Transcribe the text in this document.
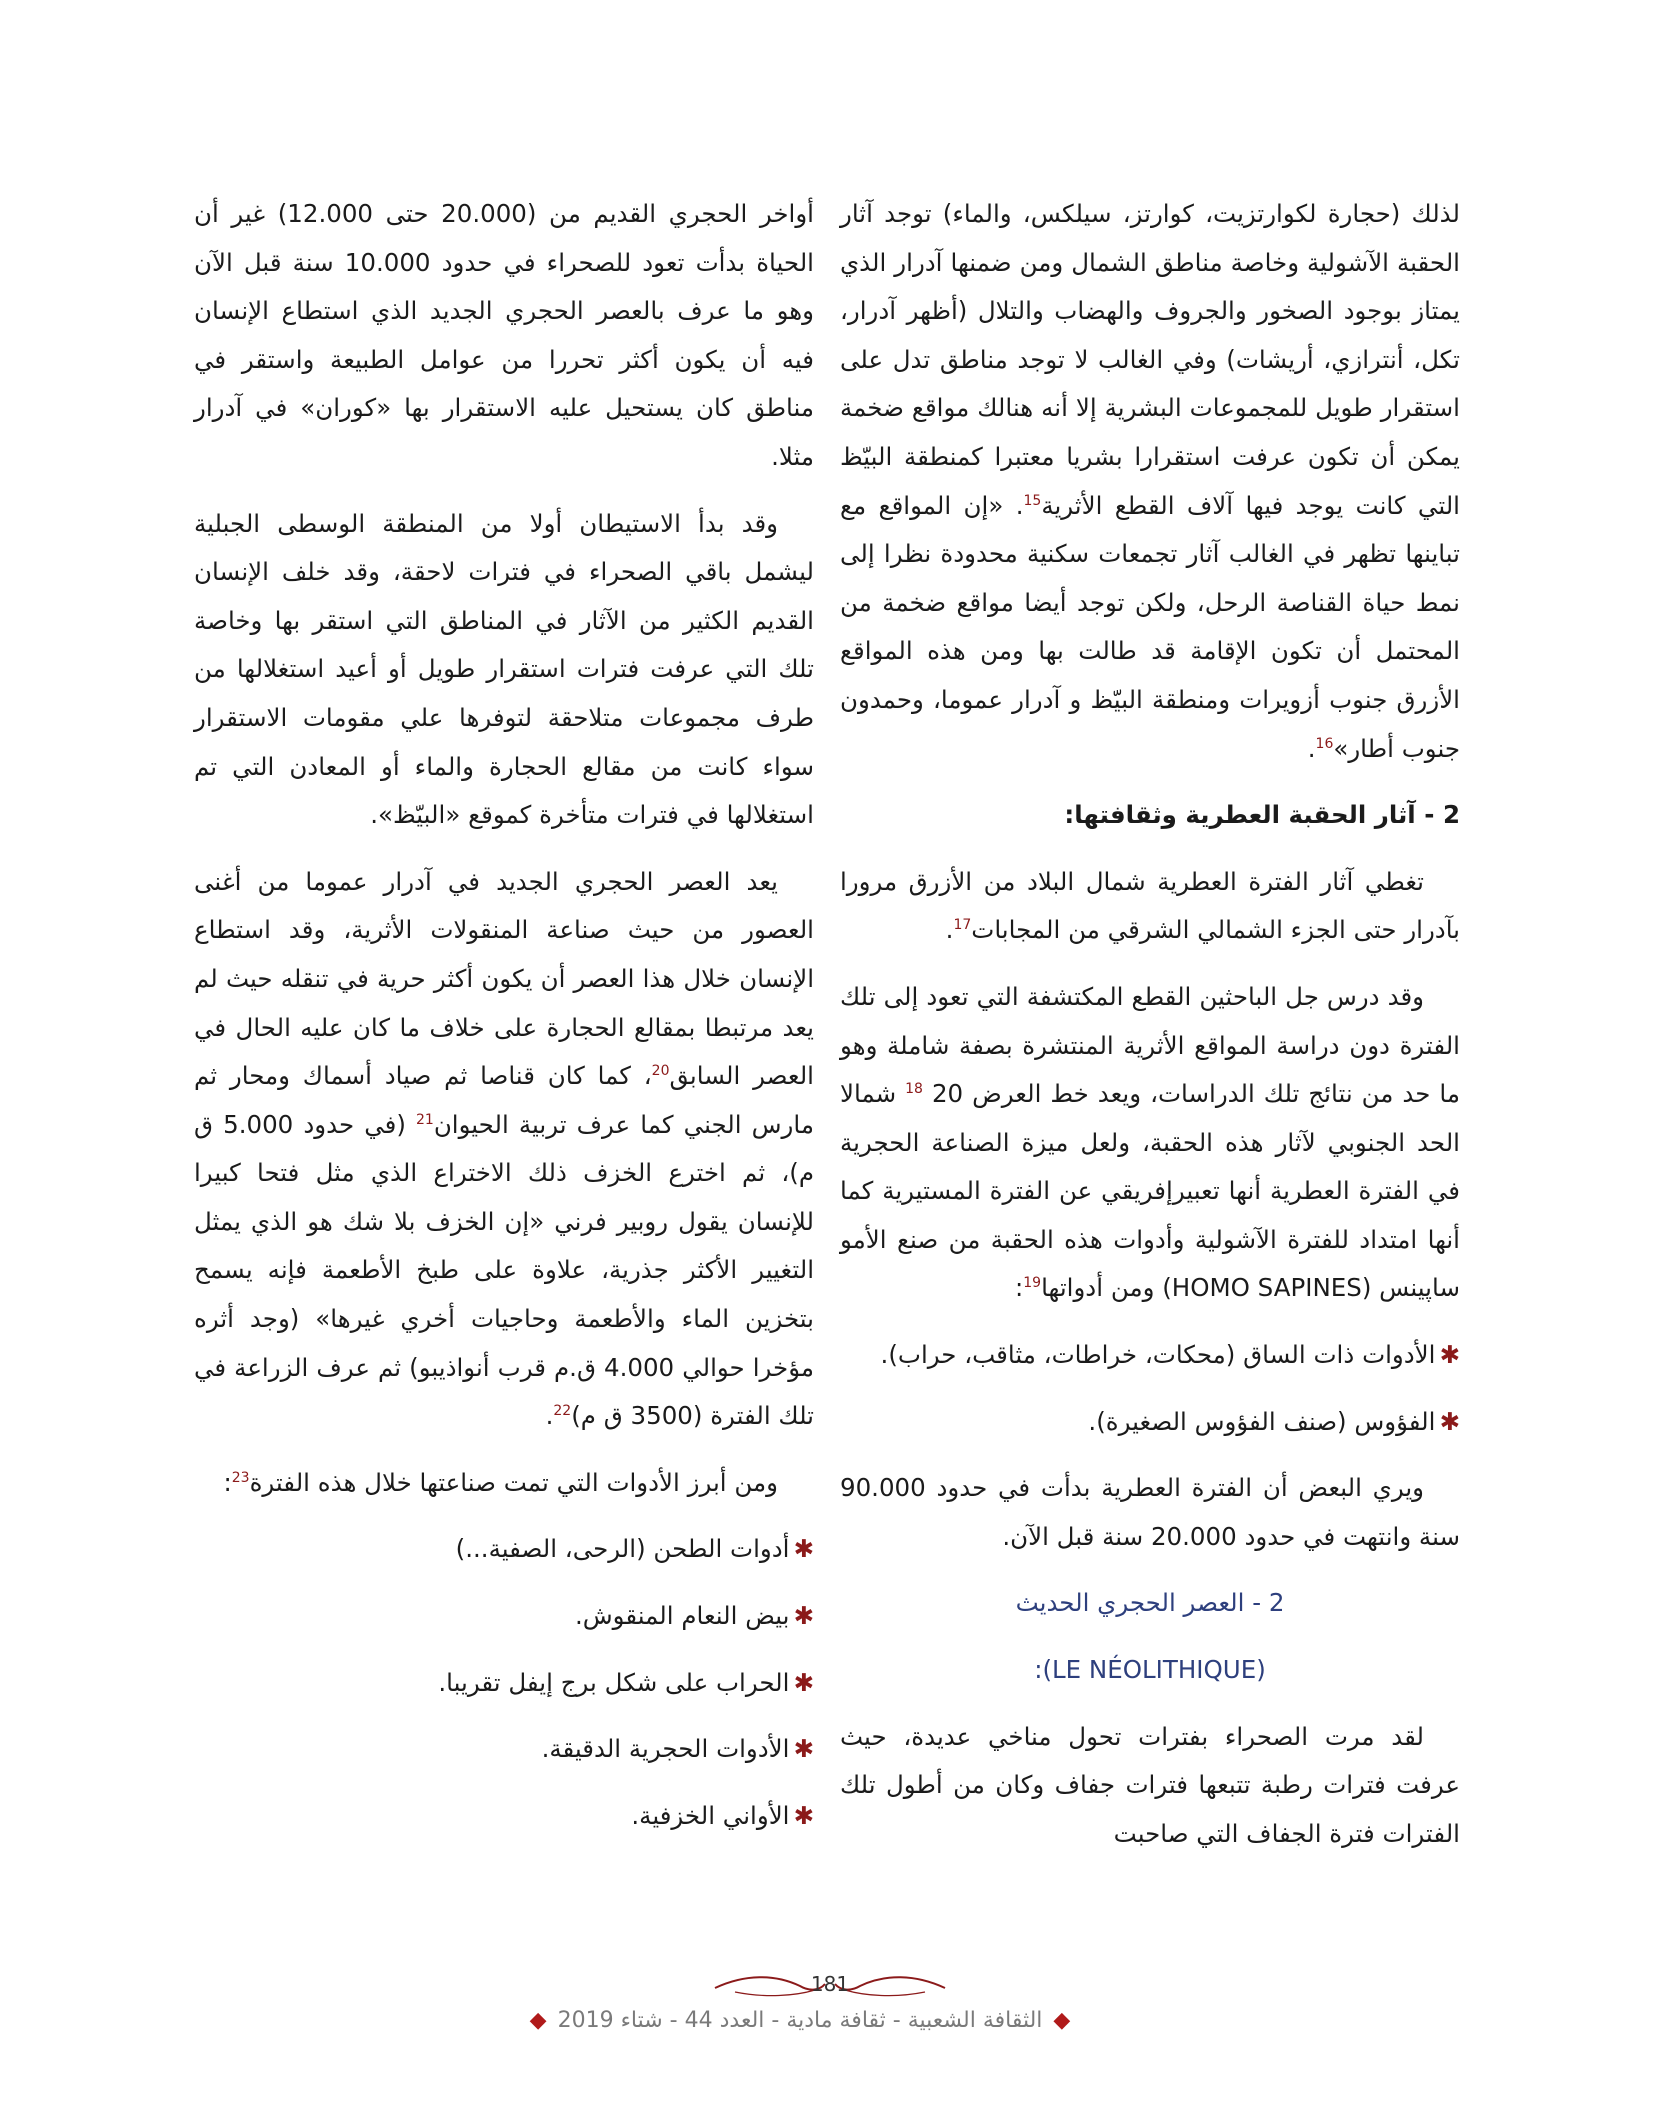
لذلك (حجارة لكوارتزيت، كوارتز، سيلكس، والماء) توجد آثار الحقبة الآشولية وخاصة مناطق الشمال ومن ضمنها آدرار الذي يمتاز بوجود الصخور والجروف والهضاب والتلال (أظهر آدرار، تكل، أنترازي، أريشات) وفي الغالب لا توجد مناطق تدل على استقرار طويل للمجموعات البشرية إلا أنه هنالك مواقع ضخمة يمكن أن تكون عرفت استقرارا بشريا معتبرا كمنطقة البيّظ التي كانت يوجد فيها آلاف القطع الأثرية$^{15}$. «إن المواقع مع تباينها تظهر في الغالب آثار تجمعات سكنية محدودة نظرا إلى نمط حياة القناصة الرحل، ولكن توجد أيضا مواقع ضخمة من المحتمل أن تكون الإقامة قد طالت بها ومن هذه المواقع الأزرق جنوب أزويرات ومنطقة البيّظ و آدرار عموما، وحمدون جنوب أطار»$^{16}$.

2 - آثار الحقبة العطرية وثقافتها:

تغطي آثار الفترة العطرية شمال البلاد من الأزرق مرورا بآدرار حتى الجزء الشمالي الشرقي من المجابات$^{17}$.

وقد درس جل الباحثين القطع المكتشفة التي تعود إلى تلك الفترة دون دراسة المواقع الأثرية المنتشرة بصفة شاملة وهو ما حد من نتائج تلك الدراسات، ويعد خط العرض 20 $^{18}$ شمالا الحد الجنوبي لآثار هذه الحقبة، ولعل ميزة الصناعة الحجرية في الفترة العطرية أنها تعبيرإفريقي عن الفترة المستيرية كما أنها امتداد للفترة الآشولية وأدوات هذه الحقبة من صنع الأمو ساپينس (HOMO SAPINES) ومن أدواتها$^{19}$:

✱الأدوات ذات الساق (محكات، خراطات، مثاقب، حراب).

✱الفؤوس (صنف الفؤوس الصغيرة).

ويري البعض أن الفترة العطرية بدأت في حدود 90.000 سنة وانتهت في حدود 20.000 سنة قبل الآن.

2 - العصر الحجري الحديث

:(LE NÉOLITHIQUE)

لقد مرت الصحراء بفترات تحول مناخي عديدة، حيث عرفت فترات رطبة تتبعها فترات جفاف وكان من أطول تلك الفترات فترة الجفاف التي صاحبت

أواخر الحجري القديم من (20.000 حتى 12.000) غير أن الحياة بدأت تعود للصحراء في حدود 10.000 سنة قبل الآن وهو ما عرف بالعصر الحجري الجديد الذي استطاع الإنسان فيه أن يكون أكثر تحررا من عوامل الطبيعة واستقر في مناطق كان يستحيل عليه الاستقرار بها «كوران» في آدرار مثلا.

وقد بدأ الاستيطان أولا من المنطقة الوسطى الجبلية ليشمل باقي الصحراء في فترات لاحقة، وقد خلف الإنسان القديم الكثير من الآثار في المناطق التي استقر بها وخاصة تلك التي عرفت فترات استقرار طويل أو أعيد استغلالها من طرف مجموعات متلاحقة لتوفرها علي مقومات الاستقرار سواء كانت من مقالع الحجارة والماء أو المعادن التي تم استغلالها في فترات متأخرة كموقع «البيّظ».

يعد العصر الحجري الجديد في آدرار عموما من أغنى العصور من حيث صناعة المنقولات الأثرية، وقد استطاع الإنسان خلال هذا العصر أن يكون أكثر حرية في تنقله حيث لم يعد مرتبطا بمقالع الحجارة على خلاف ما كان عليه الحال في العصر السابق$^{20}$، كما كان قناصا ثم صياد أسماك ومحار ثم مارس الجني كما عرف تربية الحيوان$^{21}$ (في حدود 5.000 ق م)، ثم اخترع الخزف ذلك الاختراع الذي مثل فتحا كبيرا للإنسان يقول روبير فرني «إن الخزف بلا شك هو الذي يمثل التغيير الأكثر جذرية، علاوة على طبخ الأطعمة فإنه يسمح بتخزين الماء والأطعمة وحاجيات أخري غيرها» (وجد أثره مؤخرا حوالي 4.000 ق.م قرب أنواذيبو) ثم عرف الزراعة في تلك الفترة (3500 ق م)$^{22}$.

ومن أبرز الأدوات التي تمت صناعتها خلال هذه الفترة$^{23}$:

✱أدوات الطحن (الرحى، الصفية...)

✱بيض النعام المنقوش.

✱الحراب على شكل برج إيفل تقريبا.

✱الأدوات الحجرية الدقيقة.

✱الأواني الخزفية.

181
◆ الثقافة الشعبية - ثقافة مادية - العدد 44 - شتاء 2019 ◆
